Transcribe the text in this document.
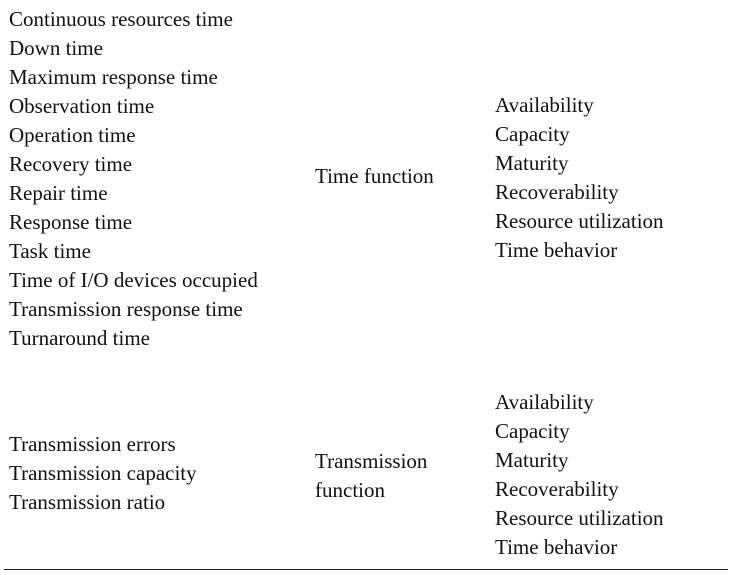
Continuous resources time
Down time
Maximum response time
Observation time
Operation time
Recovery time
Repair time
Response time
Task time
Time of I/O devices occupied
Transmission response time
Turnaround time
Time function
Availability
Capacity
Maturity
Recoverability
Resource utilization
Time behavior
Transmission errors
Transmission capacity
Transmission ratio
Transmission
function
Availability
Capacity
Maturity
Recoverability
Resource utilization
Time behavior
